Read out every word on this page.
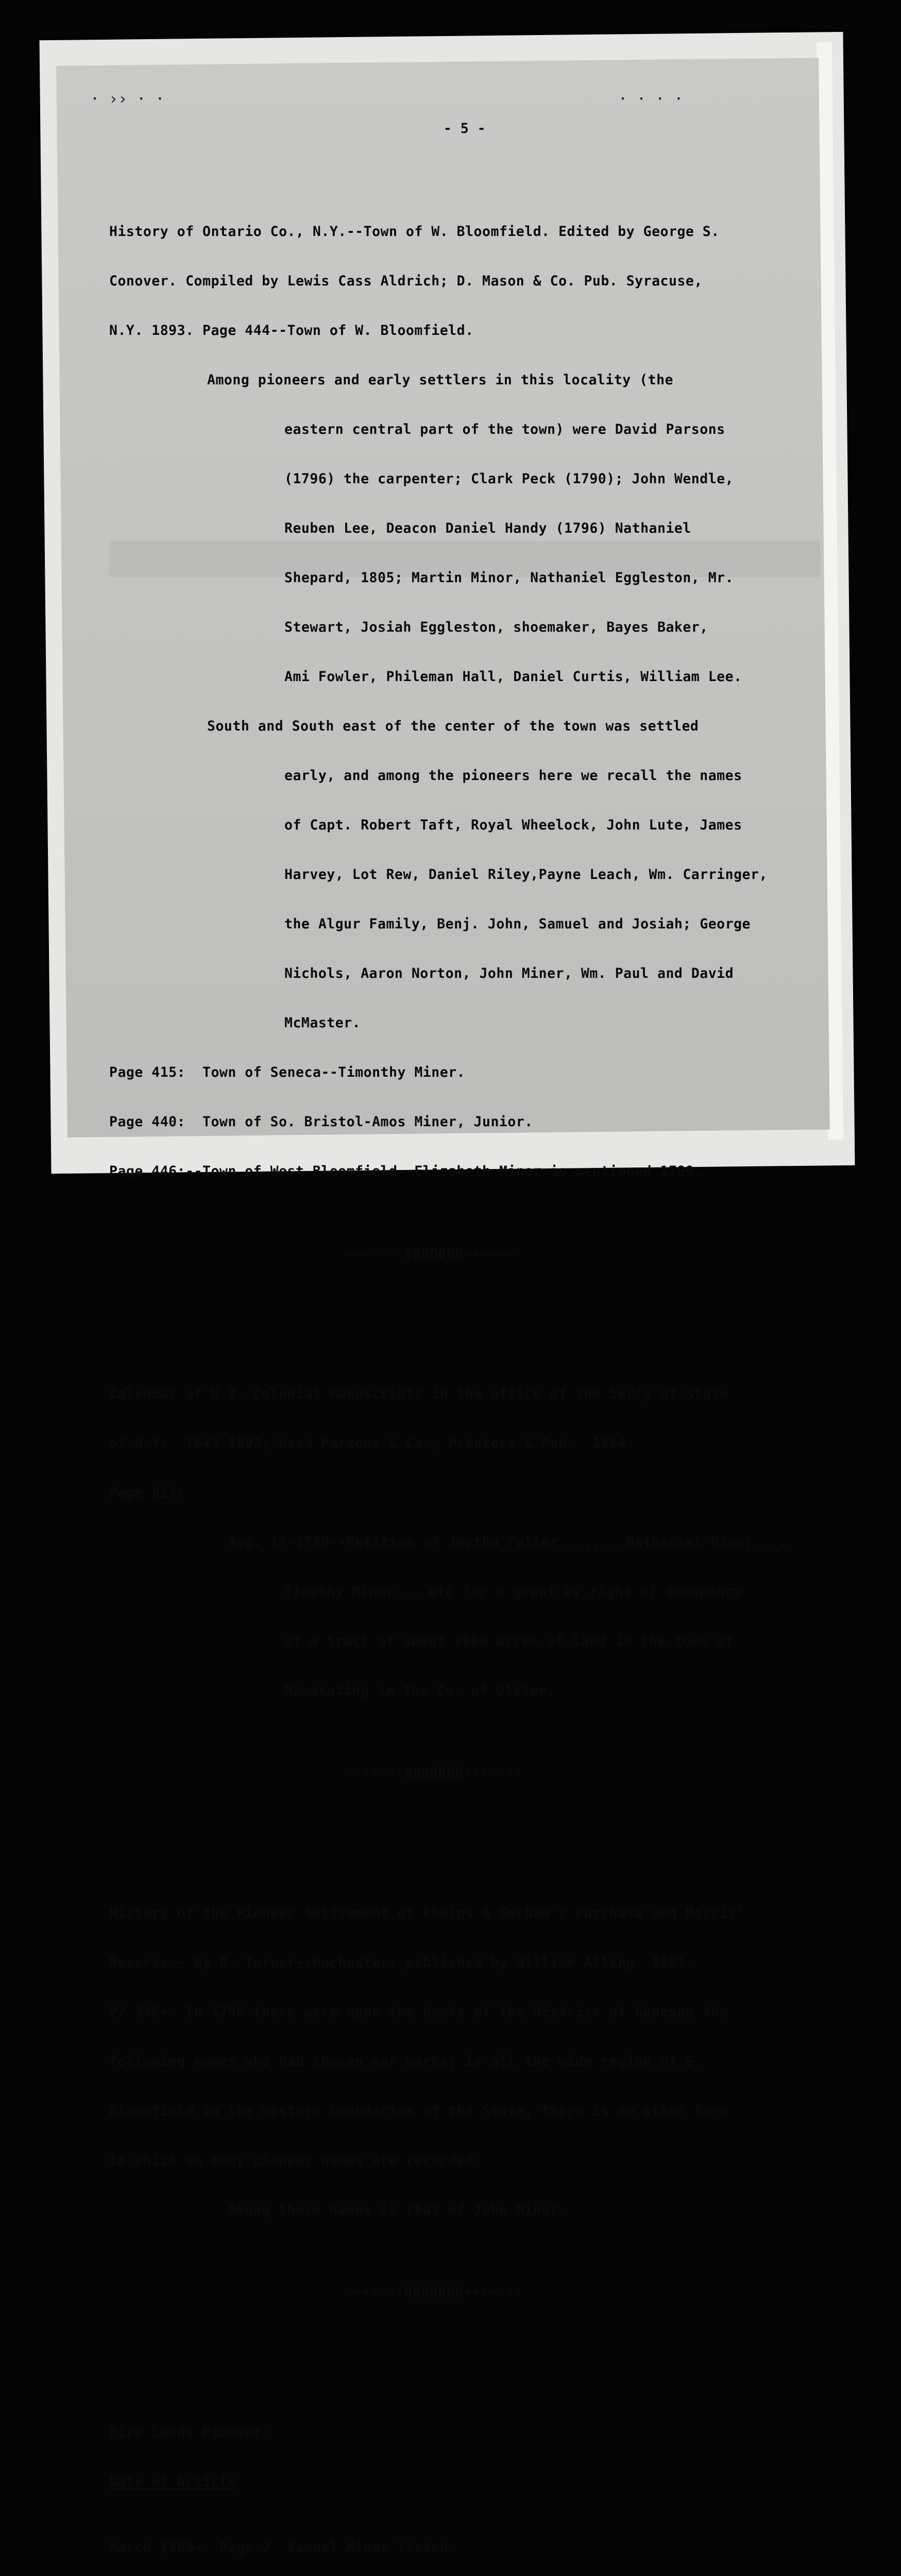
· ›› · ·	· · · ·

- 5 -

History of Ontario Co., N.Y.--Town of W. Bloomfield. Edited by George S.

Conover. Compiled by Lewis Cass Aldrich; D. Mason & Co. Pub. Syracuse,

N.Y. 1893. Page 444--Town of W. Bloomfield.

Among pioneers and early settlers in this locality (the

eastern central part of the town) were David Parsons

(1796) the carpenter; Clark Peck (1790); John Wendle,

Reuben Lee, Deacon Daniel Handy (1796) Nathaniel

Shepard, 1805; Martin Minor, Nathaniel Eggleston, Mr.

Stewart, Josiah Eggleston, shoemaker, Bayes Baker,

Ami Fowler, Phileman Hall, Daniel Curtis, William Lee.

South and South east of the center of the town was settled

early, and among the pioneers here we recall the names

of Capt. Robert Taft, Royal Wheelock, John Lute, James

Harvey, Lot Rew, Daniel Riley,Payne Leach, Wm. Carringer,

the Algur Family, Benj. John, Samuel and Josiah; George

Nichols, Aaron Norton, John Miner, Wm. Paul and David

McMaster.

Page 415:  Town of Seneca--Timonthy Miner.

Page 440:  Town of So. Bristol-Amos Miner, Junior.

Page 446:--Town of West Bloomfield--Elizabeth Miner is mentioned 1799.

-------0000000-------

Calendar of N.Y. Colonial Manuscripts in the office of the Sec'y of State

of N.Y.  1643-1803; Weed Parsons & Co., Printers & Pub.  1864:

Page 827:

Aug. 17-1790--Petition of Jeptha Fuller........Nathaniel Minor.....

Timothy Minor... etc for a grant by right of occupancy

of a tract of about 7000 acres of land in the town of

Mamakating in the Co. of Ulster.

-------0000000-------

History of the Pioneer Settlement of Phelps & Gorham's Purchase and Morris'

Reserve-- By O. Turner--Rochester; published by William Alling  1851.

P/ 346-- In 1796 there were upon the books of the District of Geneseo the

following names who had chosen ear marks; in all the wide region of E.

Bloomfield to the western boundaries of the State, there is no other form

in which so many pioneer names are recorded.

Among these names is that of John Minor.

-------0000000-------

Fire Lands Pioneer:

Date of Article

March 1860-- Page 2  Samuel Minor listed.
